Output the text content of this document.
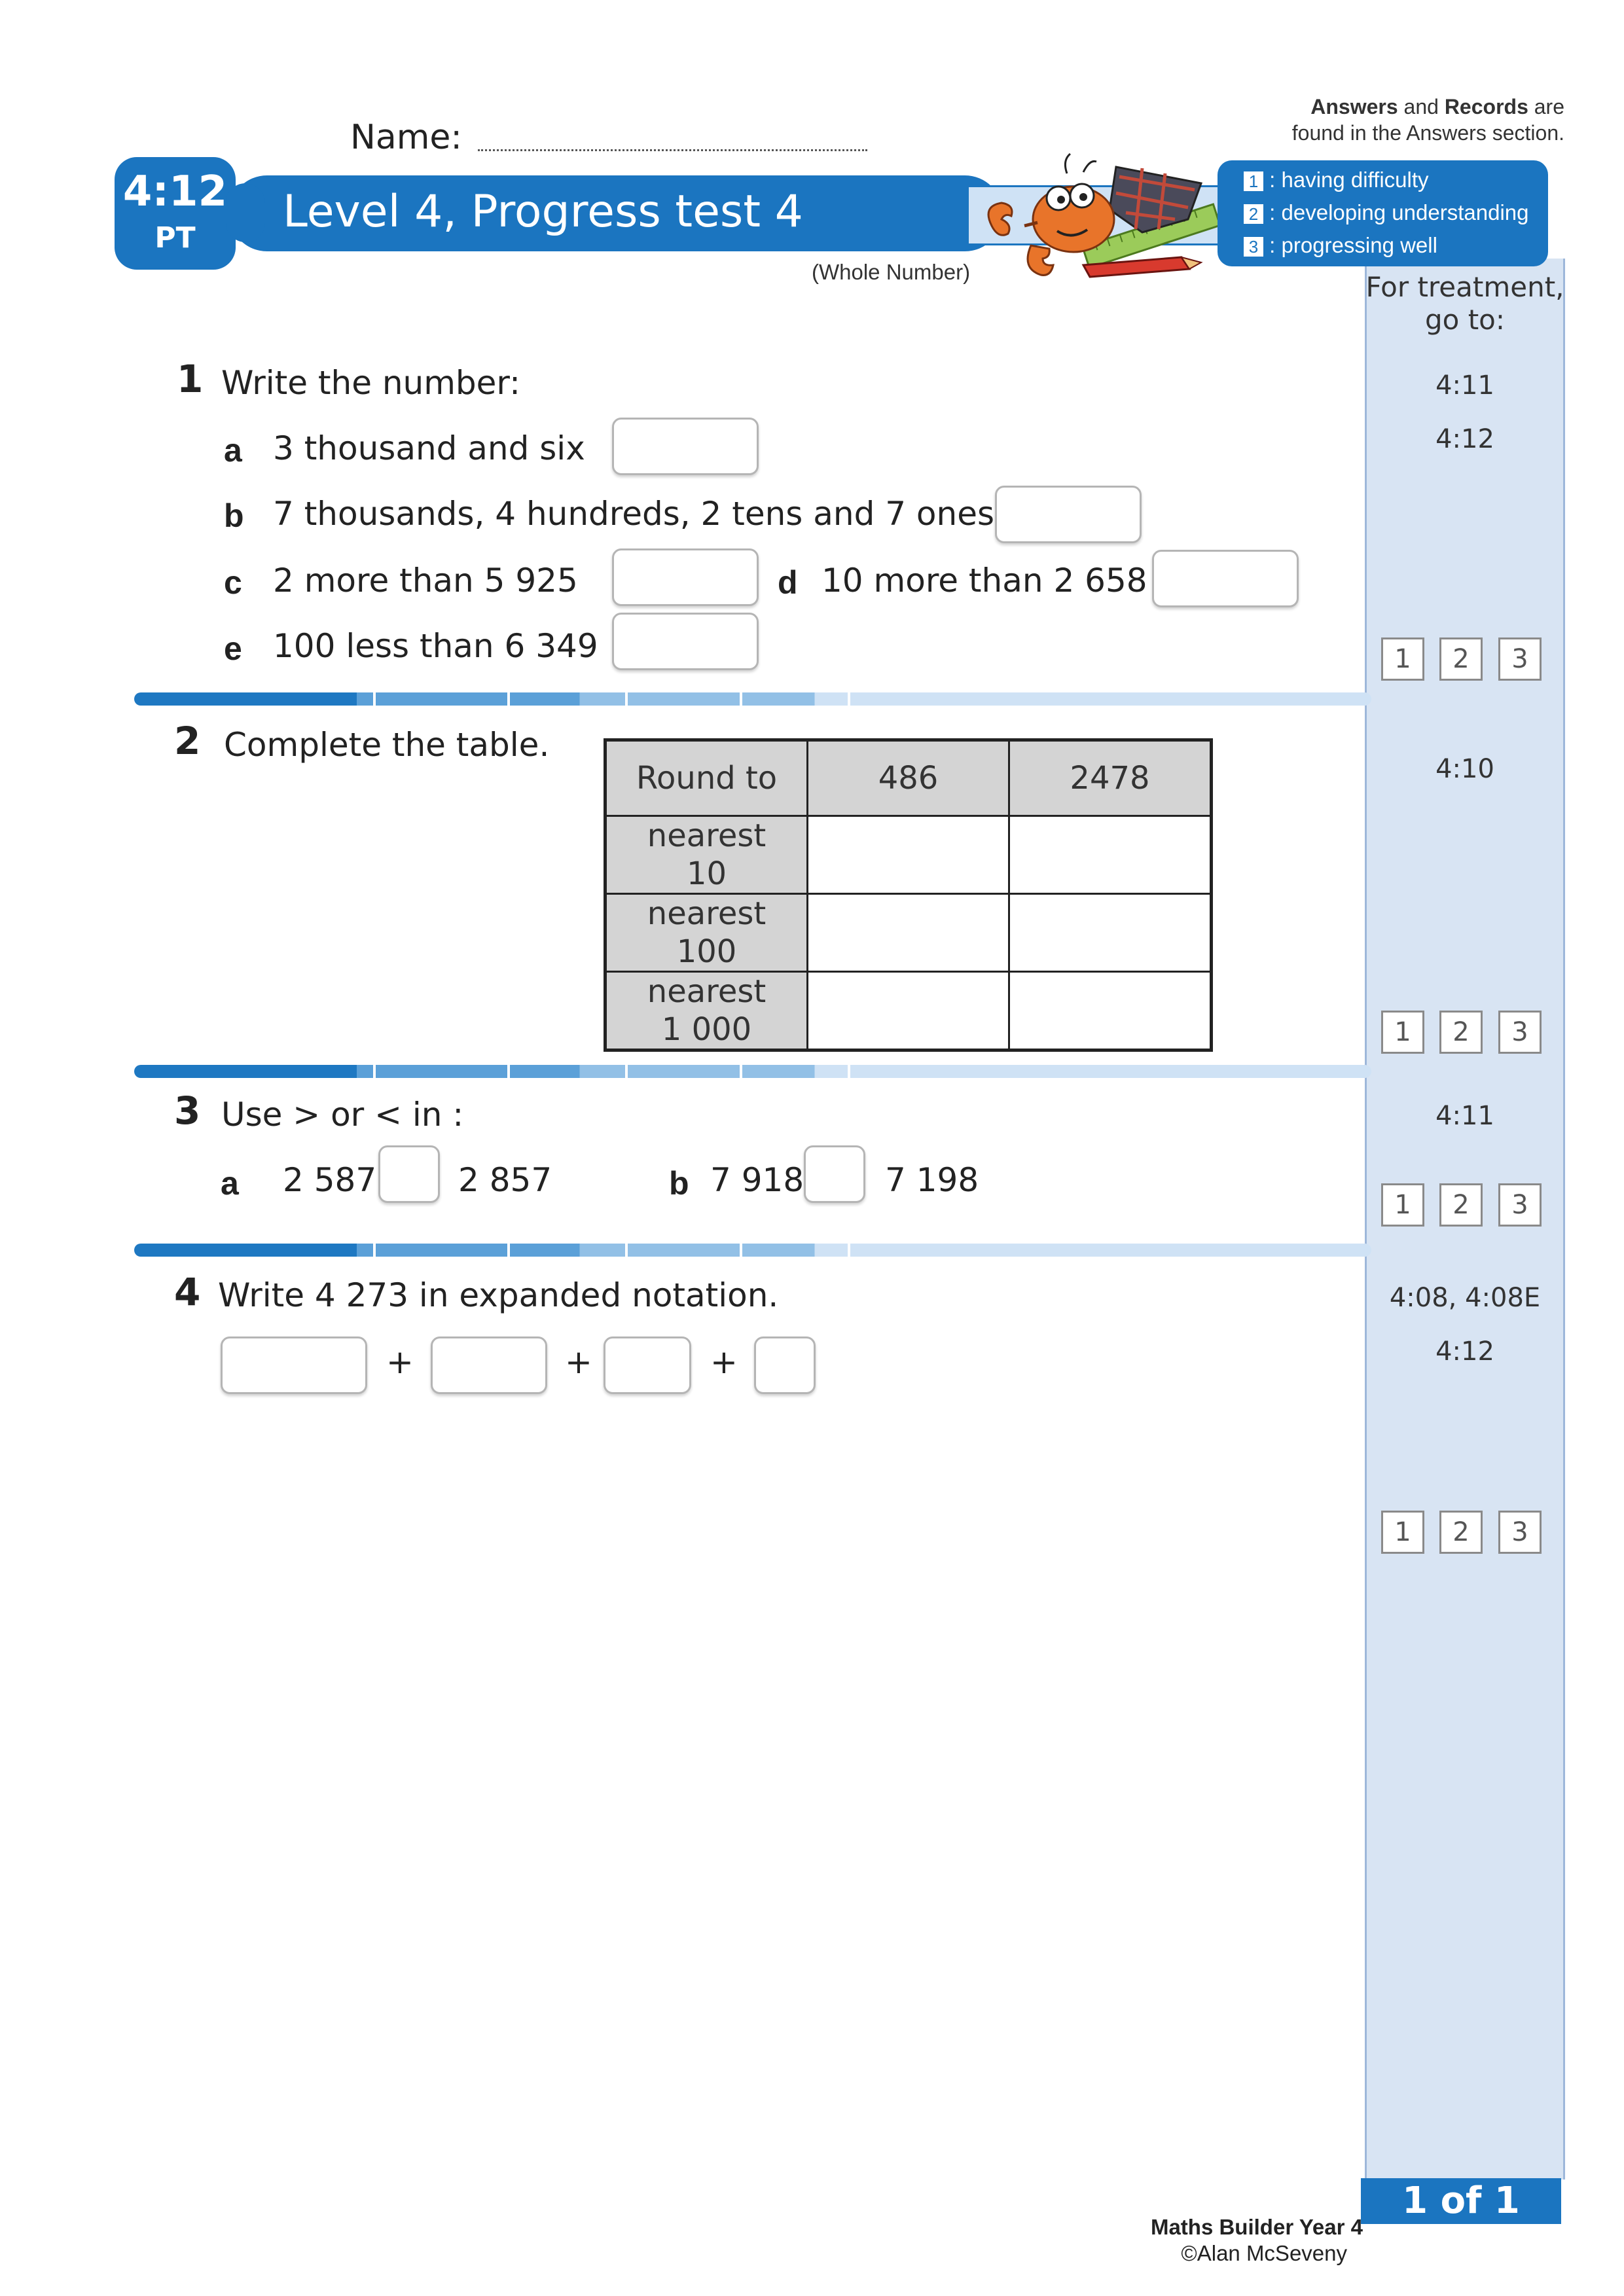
Answers and Records are
found in the Answers section.
Name:
4:12
PT
Level 4, Progress test 4
(Whole Number)
1 : having difficulty
2 : developing understanding
3 : progressing well
For treatment,
go to:
4:11
4:12
4:10
4:11
4:08, 4:08E
4:12
1	2	3
1	2	3
1	2	3
1	2	3
1 of 1
1 Write the number:
a 3 thousand and six
b 7 thousands, 4 hundreds, 2 tens and 7 ones
c 2 more than 5 925	d 10 more than 2 658
e 100 less than 6 349
2 Complete the table.
Round to	486	2478

nearest
10		

nearest
100		

nearest
1 000		

3 Use > or < in :
a 2 587 2 857	b 7 918 7 198
4 Write 4 273 in expanded notation.
+	+	+
Maths Builder Year 4
©Alan McSeveny
